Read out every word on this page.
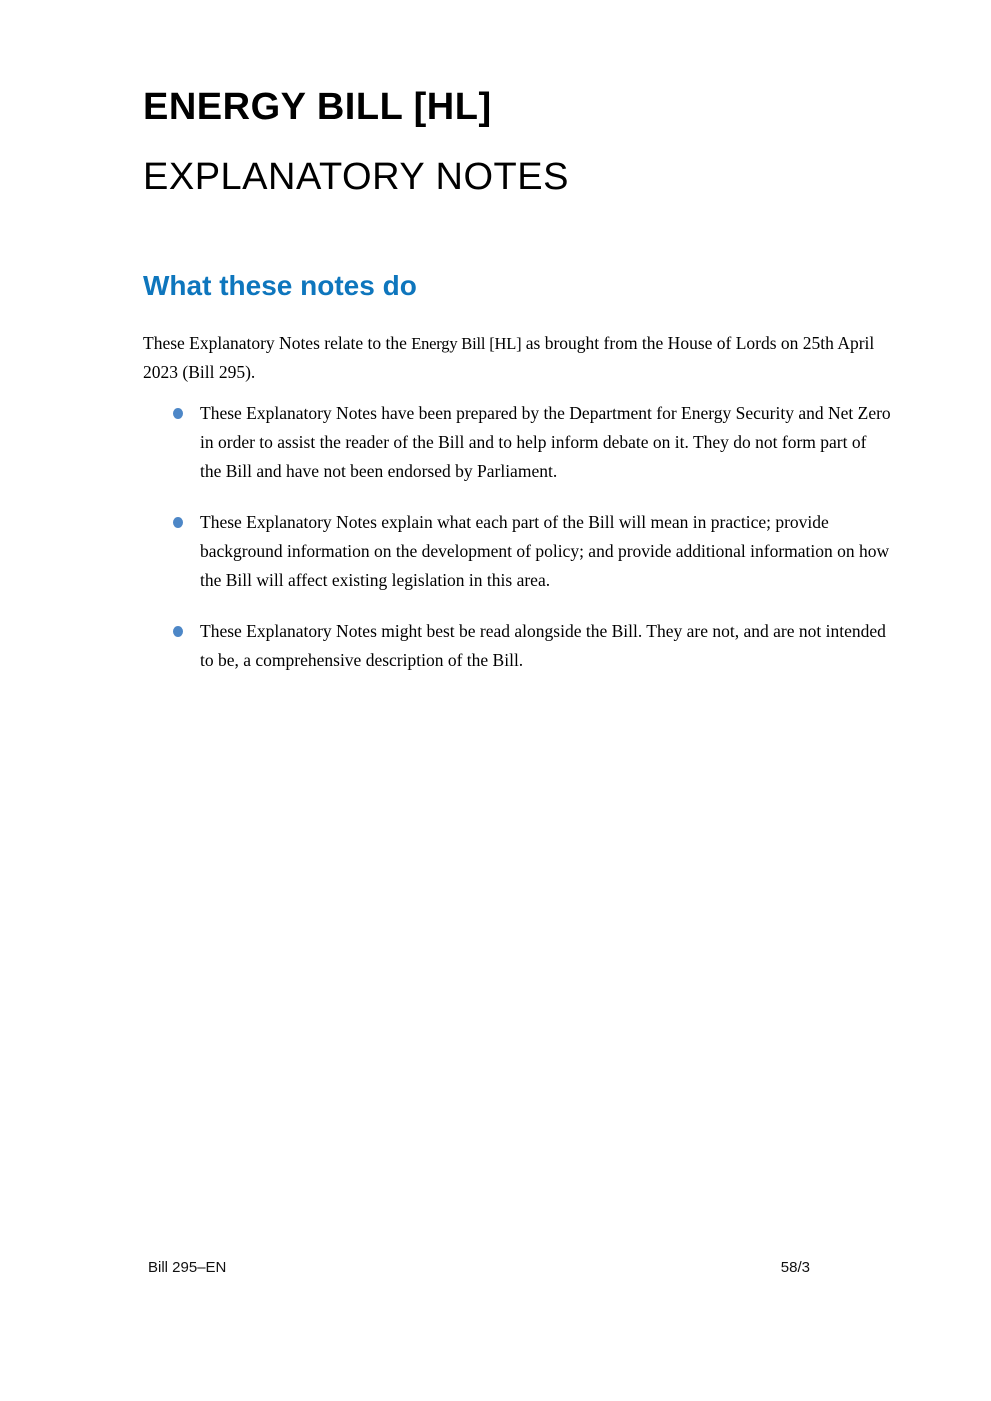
ENERGY BILL [HL]
EXPLANATORY NOTES
What these notes do

These Explanatory Notes relate to the Energy Bill [HL] as brought from the House of Lords on 25th April 2023 (Bill 295).

These Explanatory Notes have been prepared by the Department for Energy Security and Net Zero in order to assist the reader of the Bill and to help inform debate on it. They do not form part of the Bill and have not been endorsed by Parliament.
These Explanatory Notes explain what each part of the Bill will mean in practice; provide background information on the development of policy; and provide additional information on how the Bill will affect existing legislation in this area.
These Explanatory Notes might best be read alongside the Bill. They are not, and are not intended to be, a comprehensive description of the Bill.
Bill 295–EN	58/3
